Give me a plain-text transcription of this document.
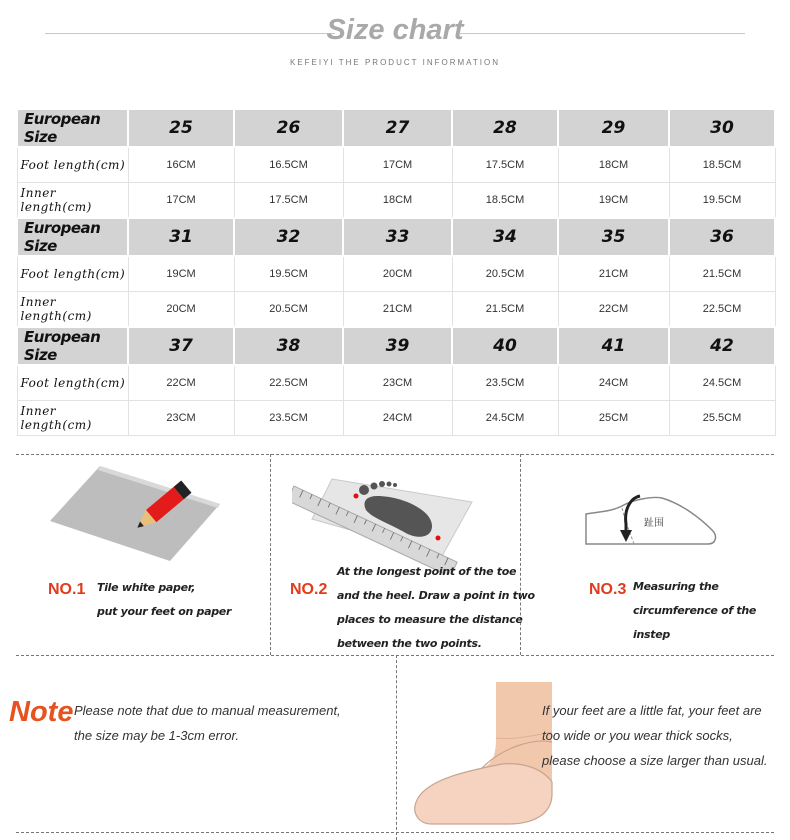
Size chart
KEFEIYI THE PRODUCT INFORMATION
European Size	25	26	27	28	29	30
Foot length(cm)	16CM	16.5CM	17CM	17.5CM	18CM	18.5CM
Inner length(cm)	17CM	17.5CM	18CM	18.5CM	19CM	19.5CM
European Size	31	32	33	34	35	36
Foot length(cm)	19CM	19.5CM	20CM	20.5CM	21CM	21.5CM
Inner length(cm)	20CM	20.5CM	21CM	21.5CM	22CM	22.5CM
European Size	37	38	39	40	41	42
Foot length(cm)	22CM	22.5CM	23CM	23.5CM	24CM	24.5CM
Inner length(cm)	23CM	23.5CM	24CM	24.5CM	25CM	25.5CM
NO.1 Tile white paper,
put your feet on paper
NO.2
At the longest point of the toe
and the heel. Draw a point in two
places to measure the distance
between the two points.
趾围
NO.3 Measuring the
circumference of the
instep
Note Please note that due to manual measurement,
the size may be 1-3cm error.
If your feet are a little fat, your feet are
too wide or you wear thick socks,
please choose a size larger than usual.
